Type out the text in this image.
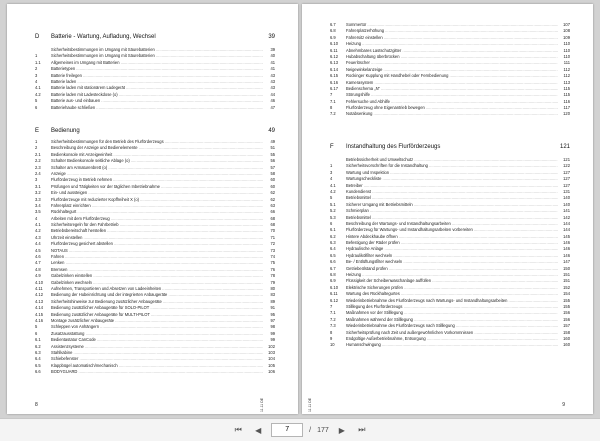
D Batterie - Wartung, Aufladung, Wechsel	39
Sicherheitsbestimmungen im Umgang mit Säurebatterien .....	39
1	Sicherheitsbestimmungen im Umgang mit Säurebatterien .....	40
1.1	Allgemeines im Umgang mit Batterien .....	41
2	Batterietypen .....	41
3	Batterie freilegen .....	43
4	Batterie laden .....	43
4.1	Batterie laden mit stationärem Ladegerät .....	43
4.2	Batterie laden mit Ladesteckdose (o) .....	44
5	Batterie aus- und einbauen .....	46
6	Batteriehaube schließen .....	47
E Bedienung	49
1	Sicherheitsbestimmungen für den Betrieb des Flurförderzeugs .....	49
2	Beschreibung der Anzeige und Bedienelemente .....	51
2.1	Bedienkonsole mit Anzeigeeinheit .....	55
2.2	Schalter Bedienkonsole seitliche Ablage (o) .....	56
2.3	Schalter am Armaturenbrett (o) .....	57
2.4	Anzeige .....	58
3	Flurförderzeug in Betrieb nehmen .....	60
3.1	Prüfungen und Tätigkeiten vor der täglichen Inbetriebnahme .....	60
3.2	Ein- und aussteigen .....	62
3.3	Flurförderzeuge mit reduzierter Kopffreiheit X (o) .....	62
3.4	Fahrerplatz einrichten .....	63
3.5	Rückhaltegurt .....	66
4	Arbeiten mit dem Flurförderzeug .....	68
4.1	Sicherheitsregeln für den Fahrbetrieb .....	68
4.2	Betriebsbereitschaft herstellen .....	70
4.3	Uhrzeit einstellen .....	71
4.4	Flurförderzeug gesichert abstellen .....	72
4.5	NOTAUS .....	73
4.6	Fahren .....	74
4.7	Lenken .....	75
4.8	Bremsen .....	76
4.9	Gabelzinken einstellen .....	78
4.10 Gabelzinken wechseln .....	79
4.11 Aufnehmen, Transportieren und Absetzen von Ladeeinheiten .....	80
4.12 Bedienung der Hubeinrichtung und der integrierten Anbaugeräte .....	83
4.13 Sicherheitshinweise zur Bedienung zusätzlicher Anbaugeräte .....	89
4.14 Bedienung zusätzlicher Anbaugeräte für SOLO-PILOT .....	91
4.15 Bedienung zusätzlicher Anbaugeräte für MULTI-PILOT .....	95
4.16 Montage zusätzlicher Anbaugeräte .....	97
5	Schleppen von Anhängern .....	98
6	Zusatzausstattung .....	99
6.1	Bedientastatur CanCode .....	99
6.2	Assistenzsysteme .....	102
6.3	Stahlkabine .....	103
6.4	Schiebefenster .....	104
6.5	Klappbügel automatisch/mechanisch .....	105
6.6	BODYGUARD .....	106
8	11.11 DE
6.7	Sommertür .....	107
6.8	Fahrerplatzerhöhung .....	108
6.9	Fahrersitz einstellen .....	109
6.10 Heizung .....	110
6.11 Abnehmbares Lastschutzgitter .....	110
6.12 Hubabschaltung überbrücken .....	110
6.13 Feuerlöscher .....	111
6.14 Neigewinkelanzeige .....	112
6.15 Rockinger Kupplung mit Handhebel oder Fernbedienung .....	112
6.16 Kamerasystem .....	113
6.17 Bedienschema „N" .....	115
7	Störungshilfe .....	115
7.1	Fehlersuche und Abhilfe .....	116
8	Flurförderzeug ohne Eigenantrieb bewegen .....	117
7.2	Notabsenkung .....	120
F Instandhaltung des Flurförderzeugs	121
Betriebssicherheit und Umweltschutz .....	121
1	Sicherheitsvorschriften für die Instandhaltung .....	122
3	Wartung und Inspektion .....	127
4	Wartungscheckliste .....	127
4.1	Betreiber .....	127
4.2	Kundendienst .....	131
5	Betriebsmittel .....	140
5.1	Sicherer Umgang mit Betriebsmitteln .....	140
5.2	Schmierplan .....	141
5.3	Betriebsmittel .....	142
6	Beschreibung der Wartungs- und Instandhaltungsarbeiten .....	144
6.1	Flurförderzeug für Wartungs- und Instandhaltungsarbeiten vorbereiten .....	144
6.2	Hintere Abdeckhaube öffnen .....	145
6.3	Befestigung der Räder prüfen .....	146
6.4	Hydraulische Anlage .....	146
6.5	Hydraulikölfilter wechseln .....	146
6.6	Be- / Entlüftungsfilter wechseln .....	147
6.7	Getriebeölstand prüfen .....	150
6.8	Heizung .....	151
6.9	Flüssigkeit der Scheibenwaschanlage auffüllen .....	151
6.10 Elektrische Sicherungen prüfen .....	152
6.11 Wartung des Rückhaltegurtes .....	154
6.12 Wiederinbetriebnahme des Flurförderzeugs nach Wartungs- und Instandhaltungsarbeiten .....	155
7	Stilllegung des Flurförderzeugs .....	155
7.1	Maßnahmen vor der Stilllegung .....	156
7.2	Maßnahmen während der Stilllegung .....	156
7.3	Wiederinbetriebnahme des Flurförderzeugs nach Stilllegung .....	157
8	Sicherheitsprüfung nach Zeit und außergewöhnlichen Vorkommnissen .....	158
9	Endgültige Außerbetriebnahme, Entsorgung .....	160
10	Humanschwingung .....	160
9
11.11 DE
⏮	◀
7	/ 177	▶	⏭
